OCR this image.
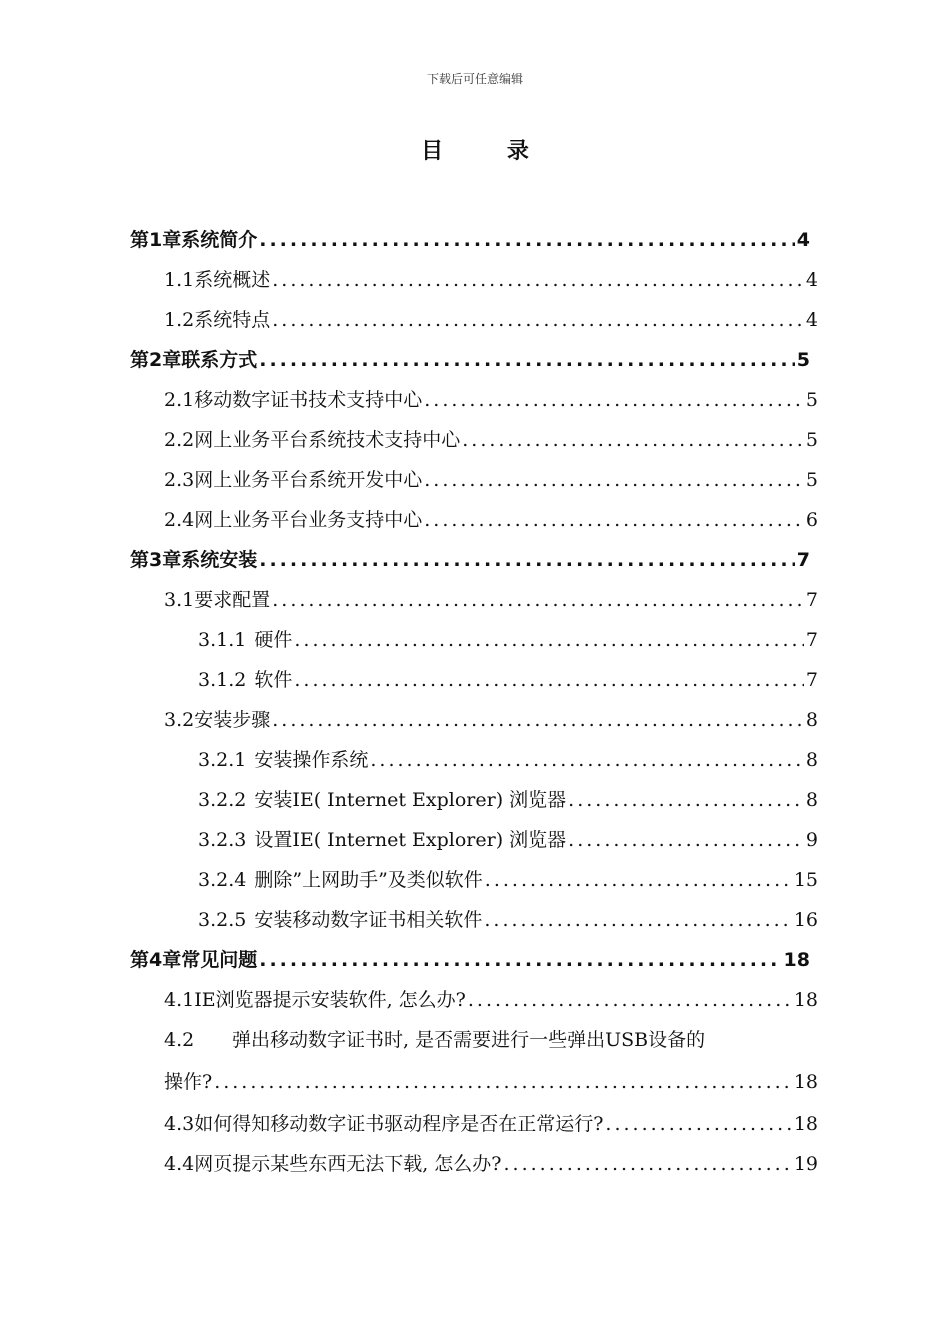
下载后可任意编辑
目 录
第1章 系统简介 .....	4
1.1 系统概述 .....	4
1.2 系统特点 .....	4
第2章 联系方式 .....	5
2.1 移动数字证书技术支持中心 .....	5
2.2 网上业务平台系统技术支持中心 .....	5
2.3 网上业务平台系统开发中心 .....	5
2.4 网上业务平台业务支持中心 .....	6
第3章 系统安装 .....	7
3.1 要求配置 .....	7
3.1.1 硬件 .....	7
3.1.2 软件 .....	7
3.2 安装步骤 .....	8
3.2.1 安装操作系统 .....	8
3.2.2 安装IE( Internet Explorer) 浏览器 .....	8
3.2.3 设置IE( Internet Explorer) 浏览器 .....	9
3.2.4 删除”上网助手”及类似软件 .....	15
3.2.5 安装移动数字证书相关软件 .....	16
第4章 常见问题 .....	18
4.1 IE浏览器提示安装软件, 怎么办? .....	18
4.2 弹出移动数字证书时, 是否需要进行一些弹出USB设备的
操作? .....	18
4.3 如何得知移动数字证书驱动程序是否在正常运行? .....	18
4.4 网页提示某些东西无法下载, 怎么办? .....	19
